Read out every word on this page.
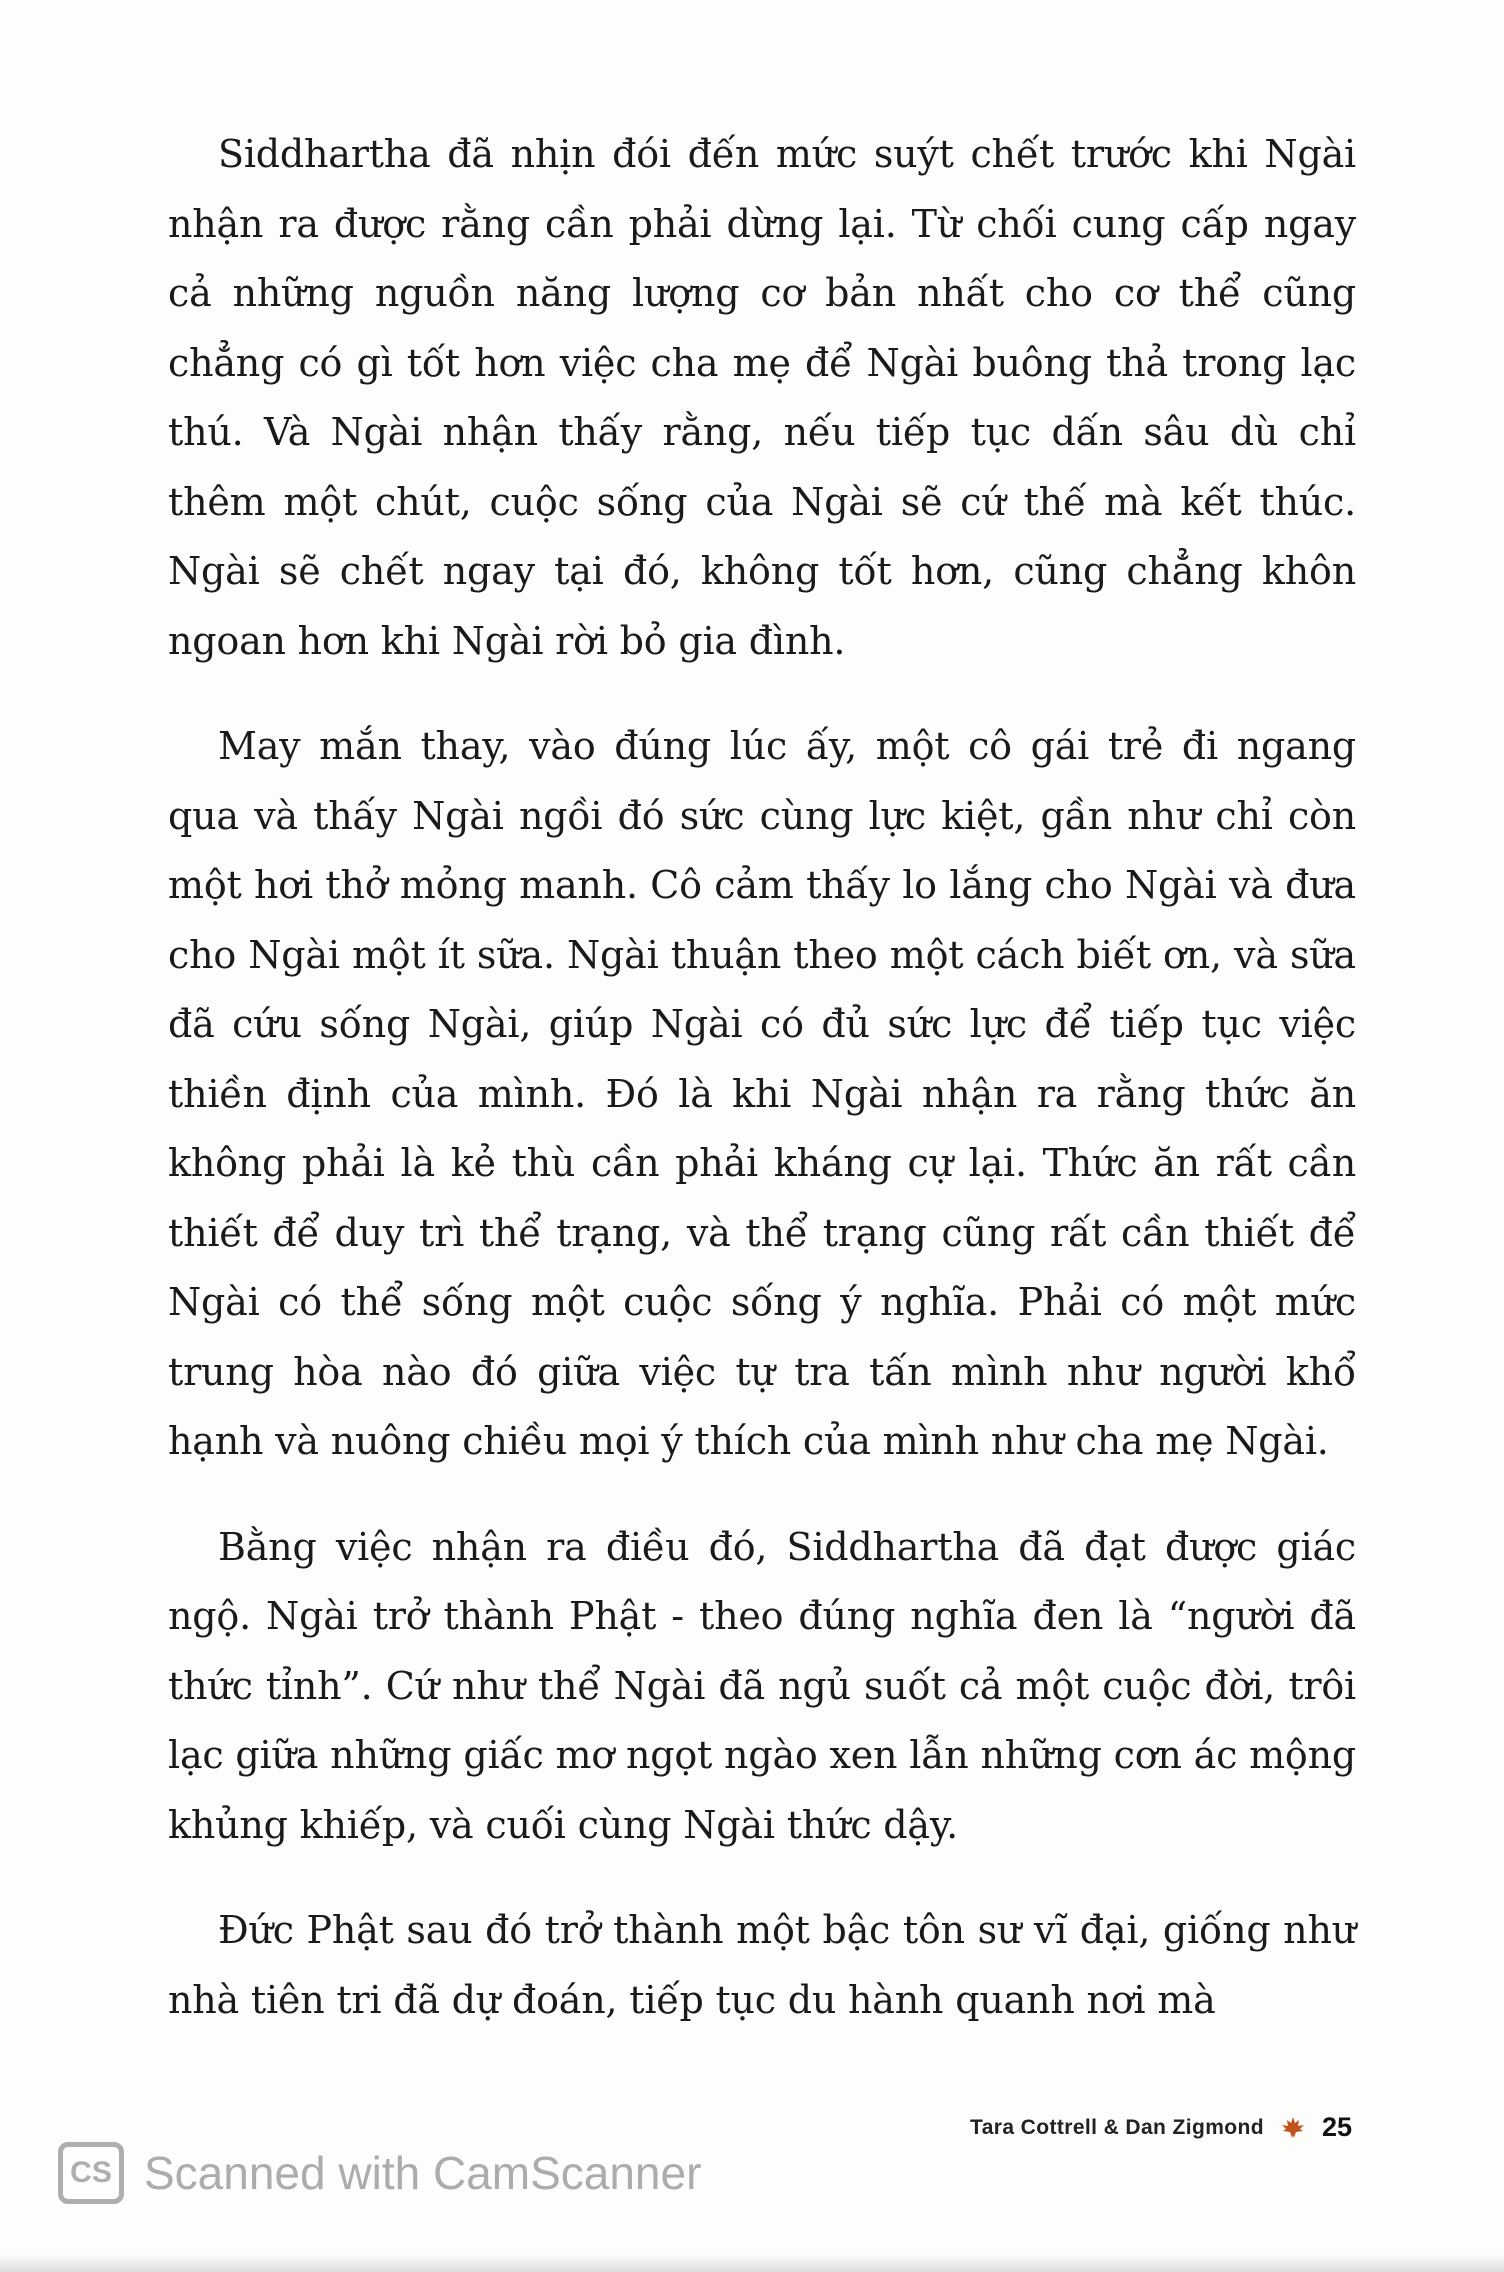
Siddhartha đã nhịn đói đến mức suýt chết trước khi Ngài nhận ra được rằng cần phải dừng lại. Từ chối cung cấp ngay cả những nguồn năng lượng cơ bản nhất cho cơ thể cũng chẳng có gì tốt hơn việc cha mẹ để Ngài buông thả trong lạc thú. Và Ngài nhận thấy rằng, nếu tiếp tục dấn sâu dù chỉ thêm một chút, cuộc sống của Ngài sẽ cứ thế mà kết thúc. Ngài sẽ chết ngay tại đó, không tốt hơn, cũng chẳng khôn ngoan hơn khi Ngài rời bỏ gia đình.

May mắn thay, vào đúng lúc ấy, một cô gái trẻ đi ngang qua và thấy Ngài ngồi đó sức cùng lực kiệt, gần như chỉ còn một hơi thở mỏng manh. Cô cảm thấy lo lắng cho Ngài và đưa cho Ngài một ít sữa. Ngài thuận theo một cách biết ơn, và sữa đã cứu sống Ngài, giúp Ngài có đủ sức lực để tiếp tục việc thiền định của mình. Đó là khi Ngài nhận ra rằng thức ăn không phải là kẻ thù cần phải kháng cự lại. Thức ăn rất cần thiết để duy trì thể trạng, và thể trạng cũng rất cần thiết để Ngài có thể sống một cuộc sống ý nghĩa. Phải có một mức trung hòa nào đó giữa việc tự tra tấn mình như người khổ hạnh và nuông chiều mọi ý thích của mình như cha mẹ Ngài.

Bằng việc nhận ra điều đó, Siddhartha đã đạt được giác ngộ. Ngài trở thành Phật - theo đúng nghĩa đen là “người đã thức tỉnh”. Cứ như thể Ngài đã ngủ suốt cả một cuộc đời, trôi lạc giữa những giấc mơ ngọt ngào xen lẫn những cơn ác mộng khủng khiếp, và cuối cùng Ngài thức dậy.

Đức Phật sau đó trở thành một bậc tôn sư vĩ đại, giống như nhà tiên tri đã dự đoán, tiếp tục du hành quanh nơi mà

Tara Cottrell & Dan Zigmond 25
CS Scanned with CamScanner
